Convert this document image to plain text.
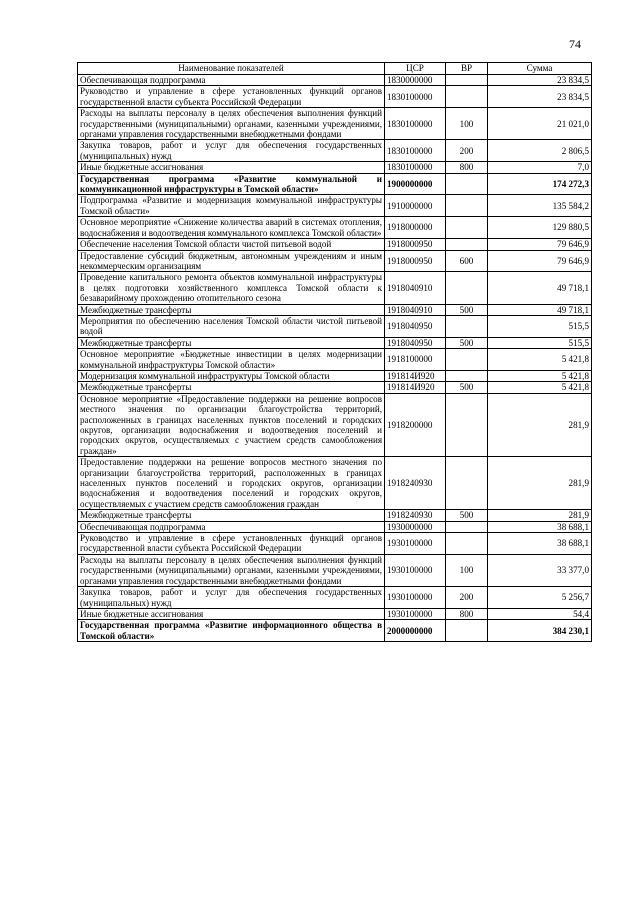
74
Наименование показателей	ЦСР	ВР	Сумма
Обеспечивающая подпрограмма	1830000000		23 834,5
Руководство и управление в сфере установленных функций органов государственной власти субъекта Российской Федерации	1830100000		23 834,5
Расходы на выплаты персоналу в целях обеспечения выполнения функций государственными (муниципальными) органами, казенными учреждениями, органами управления государственными внебюджетными фондами	1830100000	100	21 021,0
Закупка товаров, работ и услуг для обеспечения государственных (муниципальных) нужд	1830100000	200	2 806,5
Иные бюджетные ассигнования	1830100000	800	7,0
Государственная программа «Развитие коммунальной и коммуникационной инфраструктуры в Томской области»	1900000000		174 272,3
Подпрограмма «Развитие и модернизация коммунальной инфраструктуры Томской области»	1910000000		135 584,2
Основное мероприятие «Снижение количества аварий в системах отопления, водоснабжения и водоотведения коммунального комплекса Томской области»	1918000000		129 880,5
Обеспечение населения Томской области чистой питьевой водой	1918000950		79 646,9
Предоставление субсидий бюджетным, автономным учреждениям и иным некоммерческим организациям	1918000950	600	79 646,9
Проведение капитального ремонта объектов коммунальной инфраструктуры в целях подготовки хозяйственного комплекса Томской области к безаварийному прохождению отопительного сезона	1918040910		49 718,1
Межбюджетные трансферты	1918040910	500	49 718,1
Мероприятия по обеспечению населения Томской области чистой питьевой водой	1918040950		515,5
Межбюджетные трансферты	1918040950	500	515,5
Основное мероприятие «Бюджетные инвестиции в целях модернизации коммунальной инфраструктуры Томской области»	1918100000		5 421,8
Модернизация коммунальной инфраструктуры Томской области	191814И920		5 421,8
Межбюджетные трансферты	191814И920	500	5 421,8
Основное мероприятие «Предоставление поддержки на решение вопросов местного значения по организации благоустройства территорий, расположенных в границах населенных пунктов поселений и городских округов, организации водоснабжения и водоотведения поселений и городских округов, осуществляемых с участием средств самообложения граждан»	1918200000		281,9
Предоставление поддержки на решение вопросов местного значения по организации благоустройства территорий, расположенных в границах населенных пунктов поселений и городских округов, организации водоснабжения и водоотведения поселений и городских округов, осуществляемых с участием средств самообложения граждан	1918240930		281,9
Межбюджетные трансферты	1918240930	500	281,9
Обеспечивающая подпрограмма	1930000000		38 688,1
Руководство и управление в сфере установленных функций органов государственной власти субъекта Российской Федерации	1930100000		38 688,1
Расходы на выплаты персоналу в целях обеспечения выполнения функций государственными (муниципальными) органами, казенными учреждениями, органами управления государственными внебюджетными фондами	1930100000	100	33 377,0
Закупка товаров, работ и услуг для обеспечения государственных (муниципальных) нужд	1930100000	200	5 256,7
Иные бюджетные ассигнования	1930100000	800	54,4
Государственная программа «Развитие информационного общества в Томской области»	2000000000		384 230,1
